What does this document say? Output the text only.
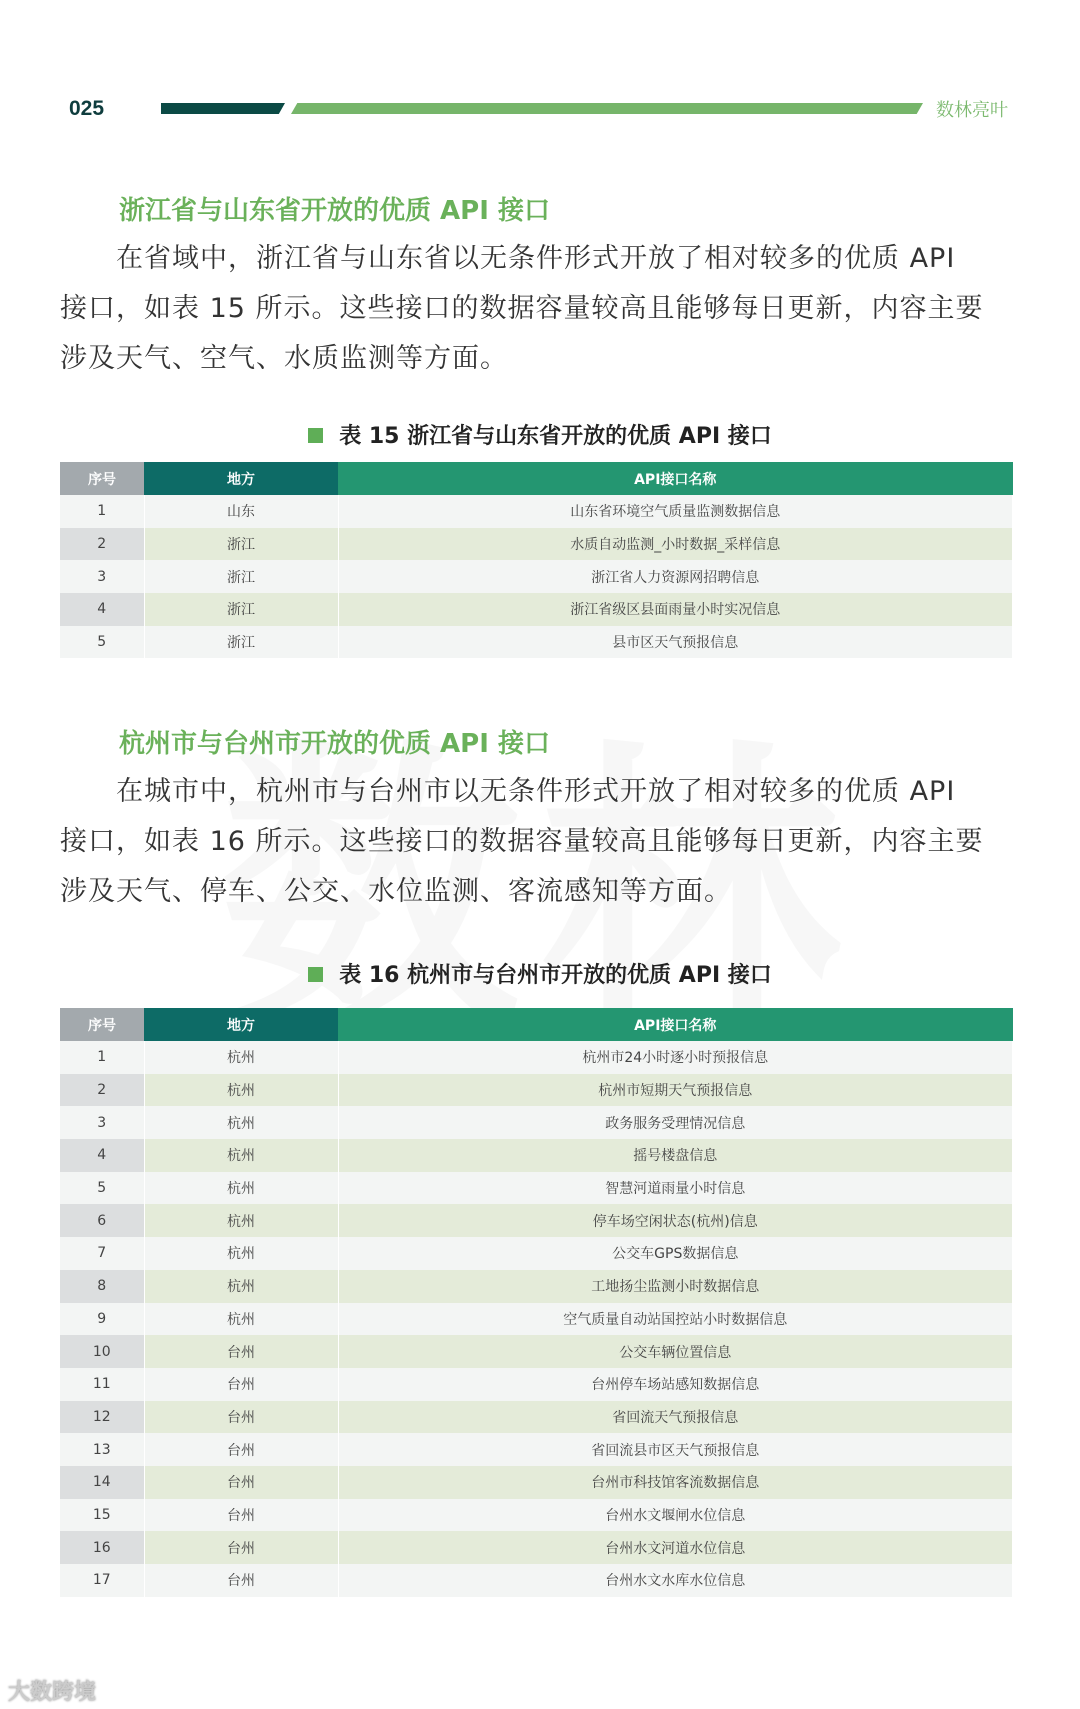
025	数林亮叶
浙江省与山东省开放的优质 API 接口
　　在省域中，浙江省与山东省以无条件形式开放了相对较多的优质 API
接口，如表 15 所示。这些接口的数据容量较高且能够每日更新，内容主要
涉及天气、空气、水质监测等方面。
表 15 浙江省与山东省开放的优质 API 接口
序号	地方	API接口名称
1	山东	山东省环境空气质量监测数据信息
2	浙江	水质自动监测_小时数据_采样信息
3	浙江	浙江省人力资源网招聘信息
4	浙江	浙江省级区县面雨量小时实况信息
5	浙江	县市区天气预报信息
杭州市与台州市开放的优质 API 接口
　　在城市中，杭州市与台州市以无条件形式开放了相对较多的优质 API
接口，如表 16 所示。这些接口的数据容量较高且能够每日更新，内容主要
涉及天气、停车、公交、水位监测、客流感知等方面。
表 16 杭州市与台州市开放的优质 API 接口
序号	地方	API接口名称
1	杭州	杭州市24小时逐小时预报信息
2	杭州	杭州市短期天气预报信息
3	杭州	政务服务受理情况信息
4	杭州	摇号楼盘信息
5	杭州	智慧河道雨量小时信息
6	杭州	停车场空闲状态(杭州)信息
7	杭州	公交车GPS数据信息
8	杭州	工地扬尘监测小时数据信息
9	杭州	空气质量自动站国控站小时数据信息
10	台州	公交车辆位置信息
11	台州	台州停车场站感知数据信息
12	台州	省回流天气预报信息
13	台州	省回流县市区天气预报信息
14	台州	台州市科技馆客流数据信息
15	台州	台州水文堰闸水位信息
16	台州	台州水文河道水位信息
17	台州	台州水文水库水位信息
大数跨境
